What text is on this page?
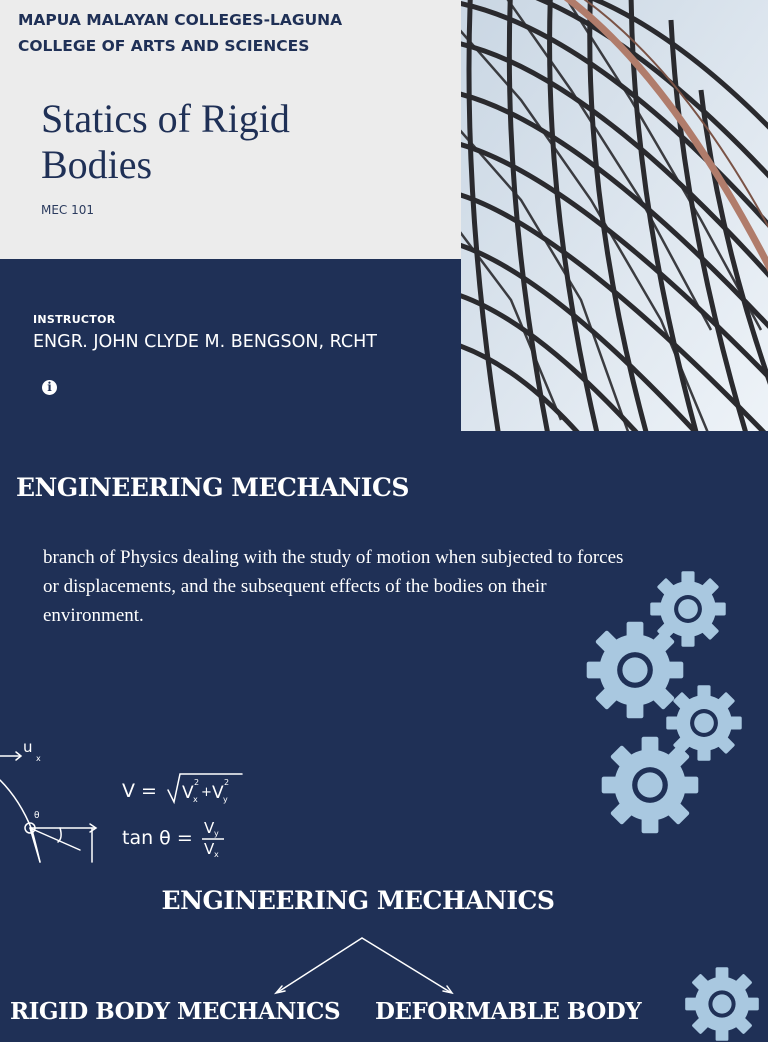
MAPUA MALAYAN COLLEGES-LAGUNA
COLLEGE OF ARTS AND SCIENCES
Statics of Rigid
Bodies
MEC 101
INSTRUCTOR
ENGR. JOHN CLYDE M. BENGSON, RCHT
i
ENGINEERING MECHANICS
branch of Physics dealing with the study of motion when subjected to forces or displacements, and the subsequent effects of the bodies on their environment.
u
x
θ
V = V
2
x + V
2
y
tan θ = V y
V x
ENGINEERING MECHANICS
RIGID BODY MECHANICS DEFORMABLE BODY
